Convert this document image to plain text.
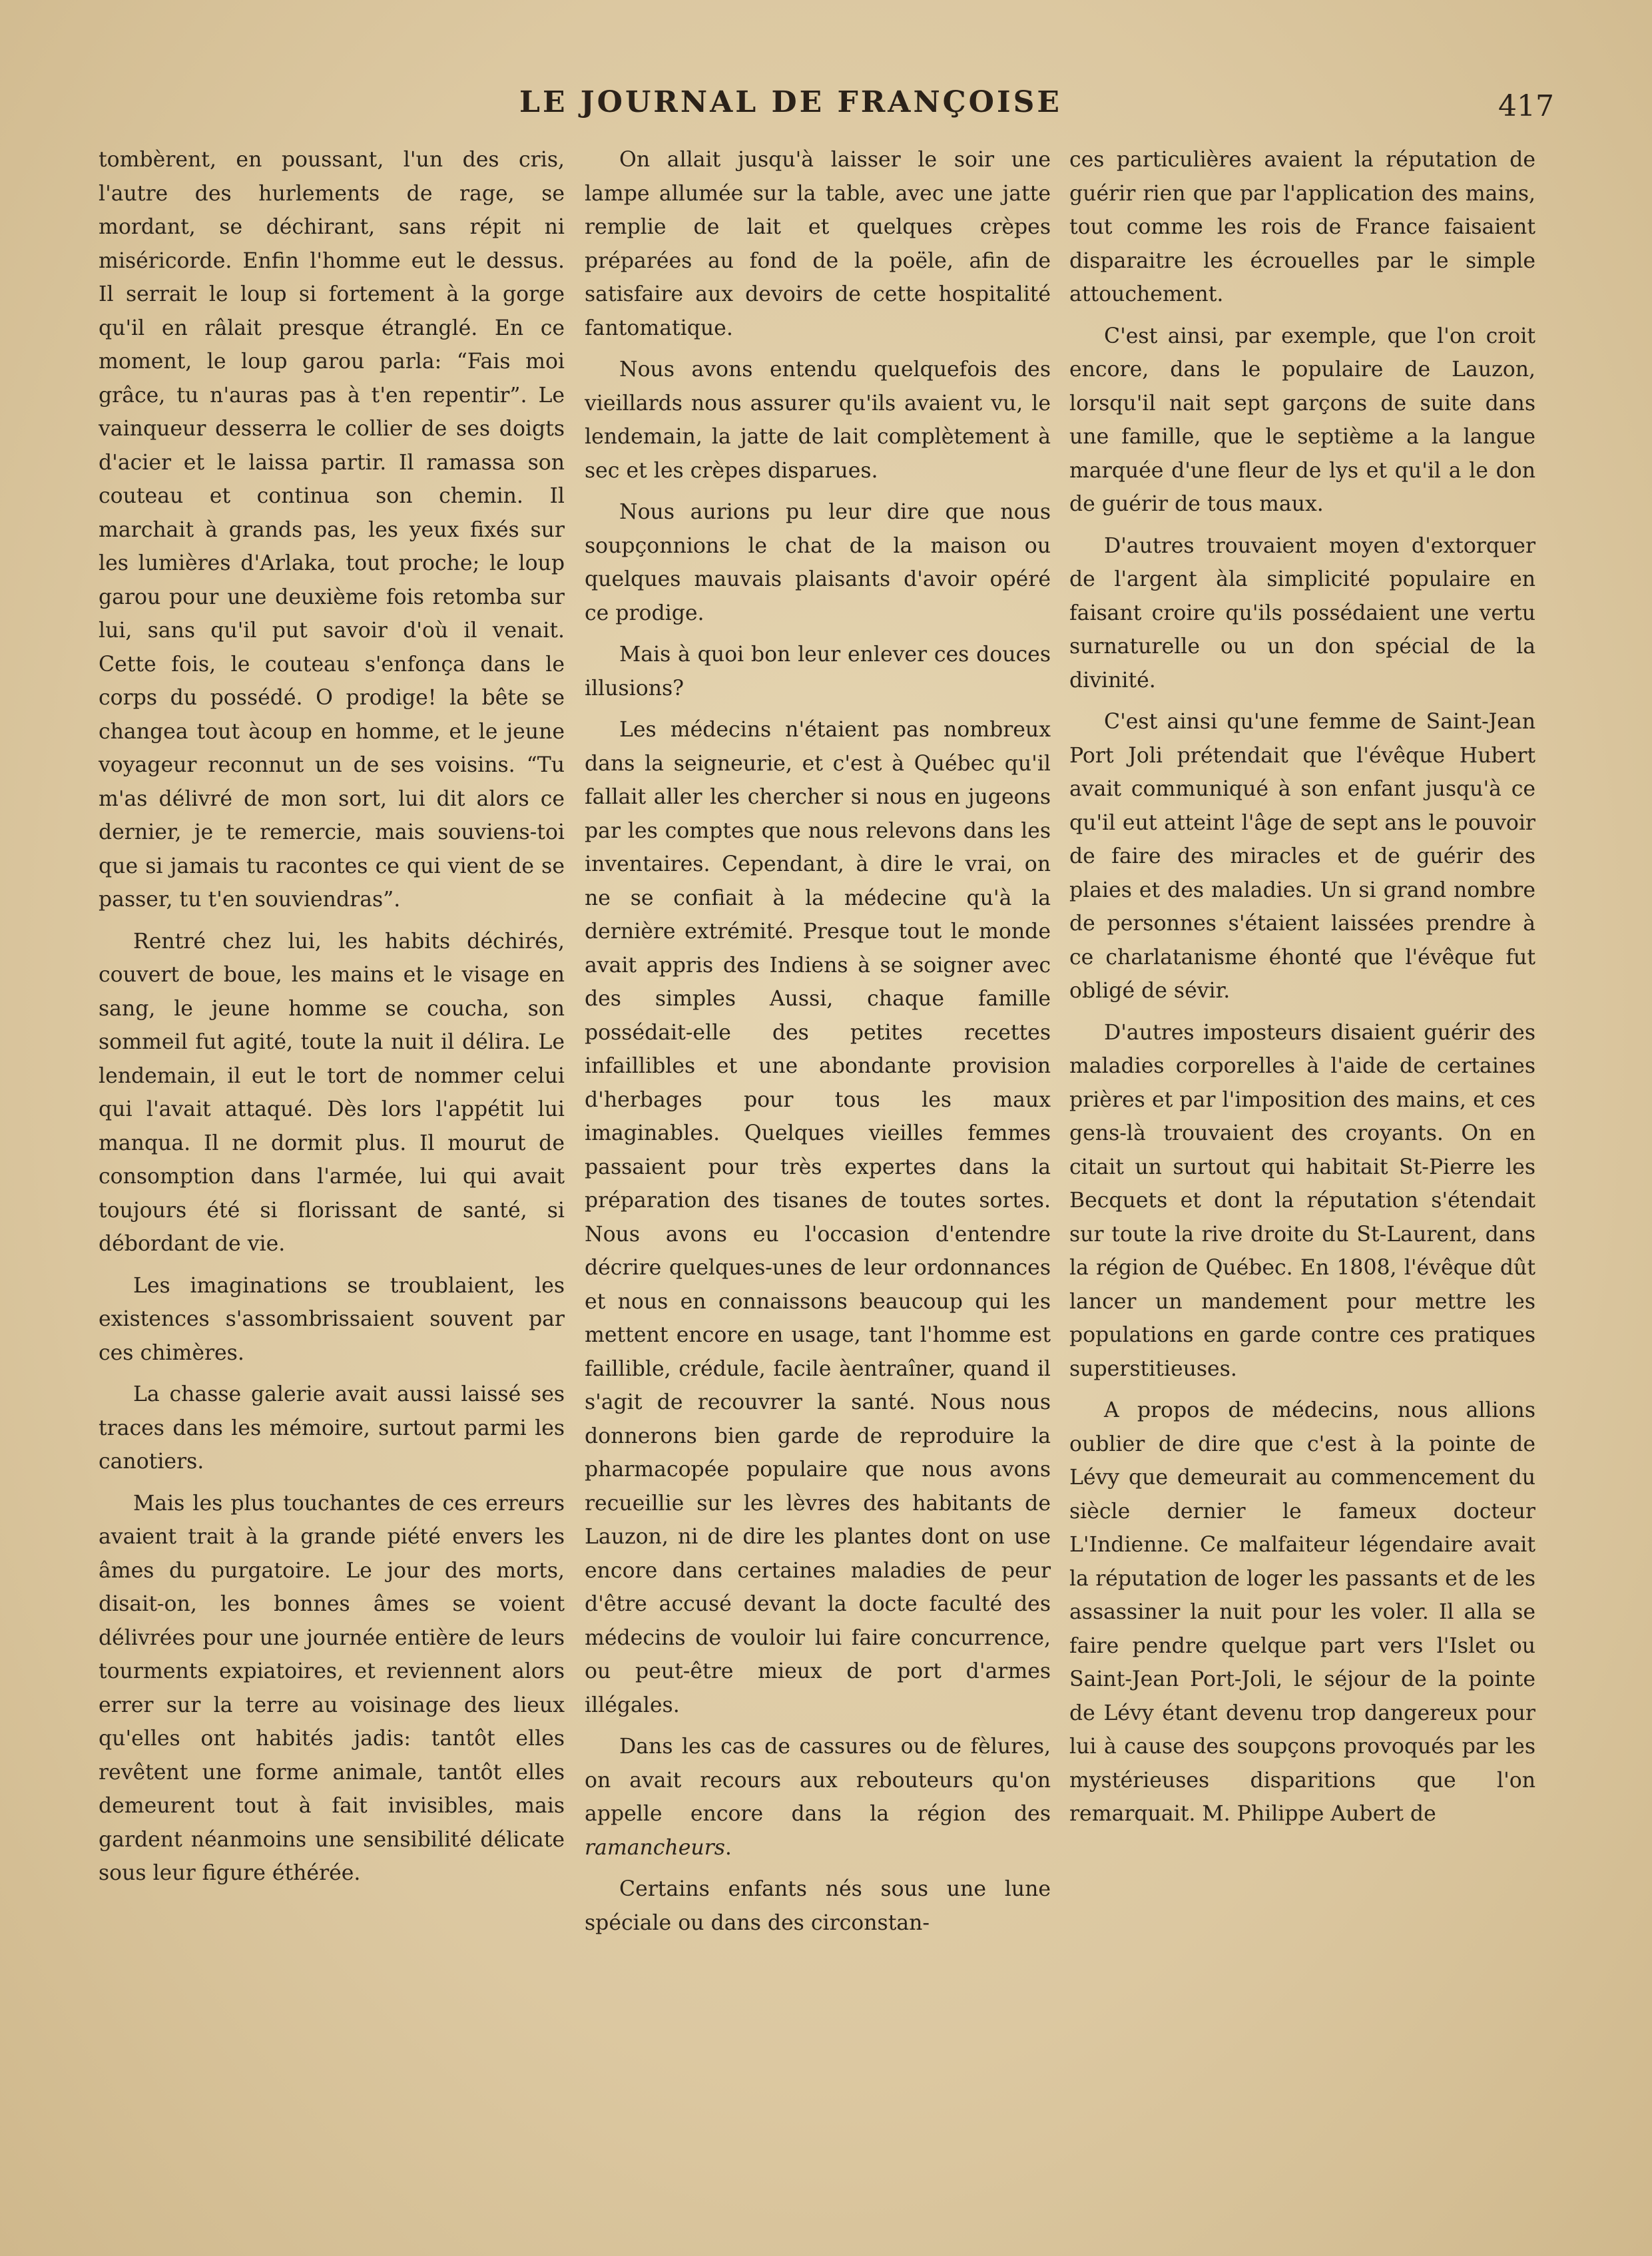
LE JOURNAL DE FRANÇOISE	417

tombèrent, en poussant, l'un des cris, l'autre des hurlements de rage, se mordant, se déchirant, sans répit ni miséricorde. Enfin l'homme eut le dessus. Il serrait le loup si fortement à la gorge qu'il en râlait presque étranglé. En ce moment, le loup garou parla: “Fais moi grâce, tu n'auras pas à t'en repentir”. Le vainqueur desserra le collier de ses doigts d'acier et le laissa partir. Il ramassa son couteau et continua son chemin. Il marchait à grands pas, les yeux fixés sur les lumières d'Arlaka, tout proche; le loup garou pour une deuxième fois retomba sur lui, sans qu'il put savoir d'où il venait. Cette fois, le couteau s'enfonça dans le corps du possédé. O prodige! la bête se changea tout àcoup en homme, et le jeune voyageur reconnut un de ses voisins. “Tu m'as délivré de mon sort, lui dit alors ce dernier, je te remercie, mais souviens-toi que si jamais tu racontes ce qui vient de se passer, tu t'en souviendras”.

Rentré chez lui, les habits déchirés, couvert de boue, les mains et le visage en sang, le jeune homme se coucha, son sommeil fut agité, toute la nuit il délira. Le lendemain, il eut le tort de nommer celui qui l'avait attaqué. Dès lors l'appétit lui manqua. Il ne dormit plus. Il mourut de consomption dans l'armée, lui qui avait toujours été si florissant de santé, si débordant de vie.

Les imaginations se troublaient, les existences s'assombrissaient souvent par ces chimères.

La chasse galerie avait aussi laissé ses traces dans les mémoire, surtout parmi les canotiers.

Mais les plus touchantes de ces erreurs avaient trait à la grande piété envers les âmes du purgatoire. Le jour des morts, disait-on, les bonnes âmes se voient délivrées pour une journée entière de leurs tourments expiatoires, et reviennent alors errer sur la terre au voisinage des lieux qu'elles ont habités jadis: tantôt elles revêtent une forme animale, tantôt elles demeurent tout à fait invisibles, mais gardent néanmoins une sensibilité délicate sous leur figure éthérée.

On allait jusqu'à laisser le soir une lampe allumée sur la table, avec une jatte remplie de lait et quelques crèpes préparées au fond de la poële, afin de satisfaire aux devoirs de cette hospitalité fantomatique.

Nous avons entendu quelquefois des vieillards nous assurer qu'ils avaient vu, le lendemain, la jatte de lait complètement à sec et les crèpes disparues.

Nous aurions pu leur dire que nous soupçonnions le chat de la maison ou quelques mauvais plaisants d'avoir opéré ce prodige.

Mais à quoi bon leur enlever ces douces illusions?

Les médecins n'étaient pas nombreux dans la seigneurie, et c'est à Québec qu'il fallait aller les chercher si nous en jugeons par les comptes que nous relevons dans les inventaires. Cependant, à dire le vrai, on ne se confiait à la médecine qu'à la dernière extrémité. Presque tout le monde avait appris des Indiens à se soigner avec des simples Aussi, chaque famille possédait-elle des petites recettes infaillibles et une abondante provision d'herbages pour tous les maux imaginables. Quelques vieilles femmes passaient pour très expertes dans la préparation des tisanes de toutes sortes. Nous avons eu l'occasion d'entendre décrire quelques-unes de leur ordonnances et nous en connaissons beaucoup qui les mettent encore en usage, tant l'homme est faillible, crédule, facile àentraîner, quand il s'agit de recouvrer la santé. Nous nous donnerons bien garde de reproduire la pharmacopée populaire que nous avons recueillie sur les lèvres des habitants de Lauzon, ni de dire les plantes dont on use encore dans certaines maladies de peur d'être accusé devant la docte faculté des médecins de vouloir lui faire concurrence, ou peut-être mieux de port d'armes illégales.

Dans les cas de cassures ou de fèlures, on avait recours aux rebouteurs qu'on appelle encore dans la région des ramancheurs.

Certains enfants nés sous une lune spéciale ou dans des circonstan-

ces particulières avaient la réputation de guérir rien que par l'application des mains, tout comme les rois de France faisaient disparaitre les écrouelles par le simple attouchement.

C'est ainsi, par exemple, que l'on croit encore, dans le populaire de Lauzon, lorsqu'il nait sept garçons de suite dans une famille, que le septième a la langue marquée d'une fleur de lys et qu'il a le don de guérir de tous maux.

D'autres trouvaient moyen d'extorquer de l'argent àla simplicité populaire en faisant croire qu'ils possédaient une vertu surnaturelle ou un don spécial de la divinité.

C'est ainsi qu'une femme de Saint-Jean Port Joli prétendait que l'évêque Hubert avait communiqué à son enfant jusqu'à ce qu'il eut atteint l'âge de sept ans le pouvoir de faire des miracles et de guérir des plaies et des maladies. Un si grand nombre de personnes s'étaient laissées prendre à ce charlatanisme éhonté que l'évêque fut obligé de sévir.

D'autres imposteurs disaient guérir des maladies corporelles à l'aide de certaines prières et par l'imposition des mains, et ces gens-là trouvaient des croyants. On en citait un surtout qui habitait St-Pierre les Becquets et dont la réputation s'étendait sur toute la rive droite du St-Laurent, dans la région de Québec. En 1808, l'évêque dût lancer un mandement pour mettre les populations en garde contre ces pratiques superstitieuses.

A propos de médecins, nous allions oublier de dire que c'est à la pointe de Lévy que demeurait au commencement du siècle dernier le fameux docteur L'Indienne. Ce malfaiteur légendaire avait la réputation de loger les passants et de les assassiner la nuit pour les voler. Il alla se faire pendre quelque part vers l'Islet ou Saint-Jean Port-Joli, le séjour de la pointe de Lévy étant devenu trop dangereux pour lui à cause des soupçons provoqués par les mystérieuses disparitions que l'on remarquait. M. Philippe Aubert de
